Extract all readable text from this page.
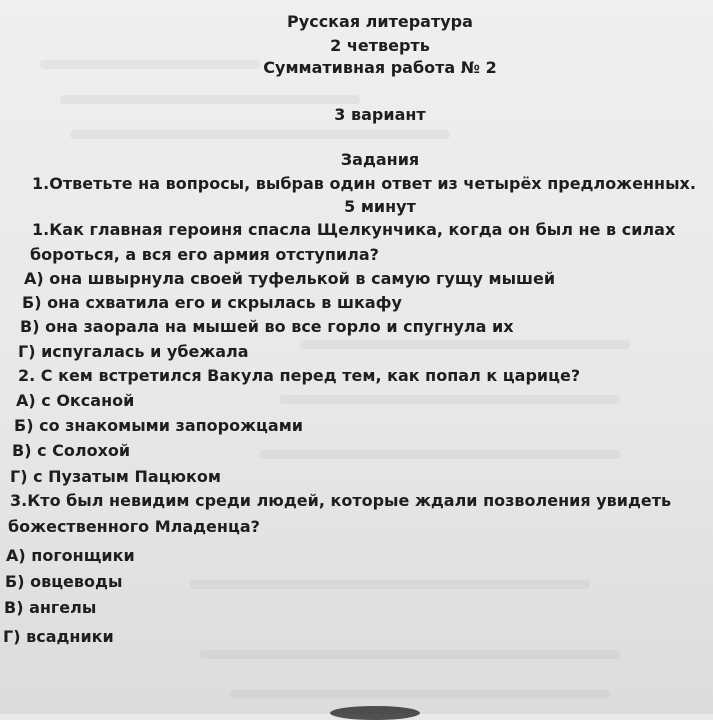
Русская литература
2 четверть
Суммативная работа № 2
3 вариант
Задания
1.Ответьте на вопросы, выбрав один ответ из четырёх предложенных.
5 минут
1.Как главная героиня спасла Щелкунчика, когда он был не в силах
бороться, а вся его армия отступила?
А) она швырнула своей туфелькой в самую гущу мышей
Б) она схватила его и скрылась в шкафу
В) она заорала на мышей во все горло и спугнула их
Г) испугалась и убежала
2. С кем встретился Вакула перед тем, как попал к царице?
А) с Оксаной
Б) со знакомыми запорожцами
В) с Солохой
Г) с Пузатым Пацюком
3.Кто был невидим среди людей, которые ждали позволения увидеть
божественного Младенца?
А) погонщики
Б) овцеводы
В) ангелы
Г) всадники
